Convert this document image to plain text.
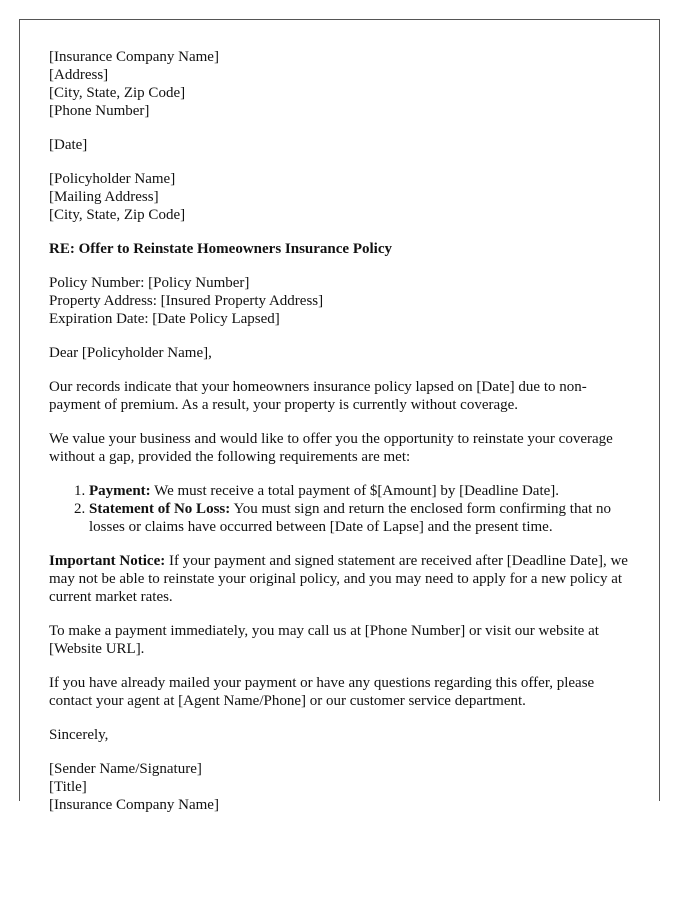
[Insurance Company Name]
[Address]
[City, State, Zip Code]
[Phone Number]
[Date]
[Policyholder Name]
[Mailing Address]
[City, State, Zip Code]
RE: Offer to Reinstate Homeowners Insurance Policy
Policy Number: [Policy Number]
Property Address: [Insured Property Address]
Expiration Date: [Date Policy Lapsed]
Dear [Policyholder Name],

Our records indicate that your homeowners insurance policy lapsed on [Date] due to non-payment of premium. As a result, your property is currently without coverage.

We value your business and would like to offer you the opportunity to reinstate your coverage without a gap, provided the following requirements are met:

1. Payment: We must receive a total payment of $[Amount] by [Deadline Date].
2. Statement of No Loss: You must sign and return the enclosed form confirming that no losses or claims have occurred between [Date of Lapse] and the present time.

Important Notice: If your payment and signed statement are received after [Deadline Date], we may not be able to reinstate your original policy, and you may need to apply for a new policy at current market rates.

To make a payment immediately, you may call us at [Phone Number] or visit our website at [Website URL].

If you have already mailed your payment or have any questions regarding this offer, please contact your agent at [Agent Name/Phone] or our customer service department.

Sincerely,
[Sender Name/Signature]
[Title]
[Insurance Company Name]
